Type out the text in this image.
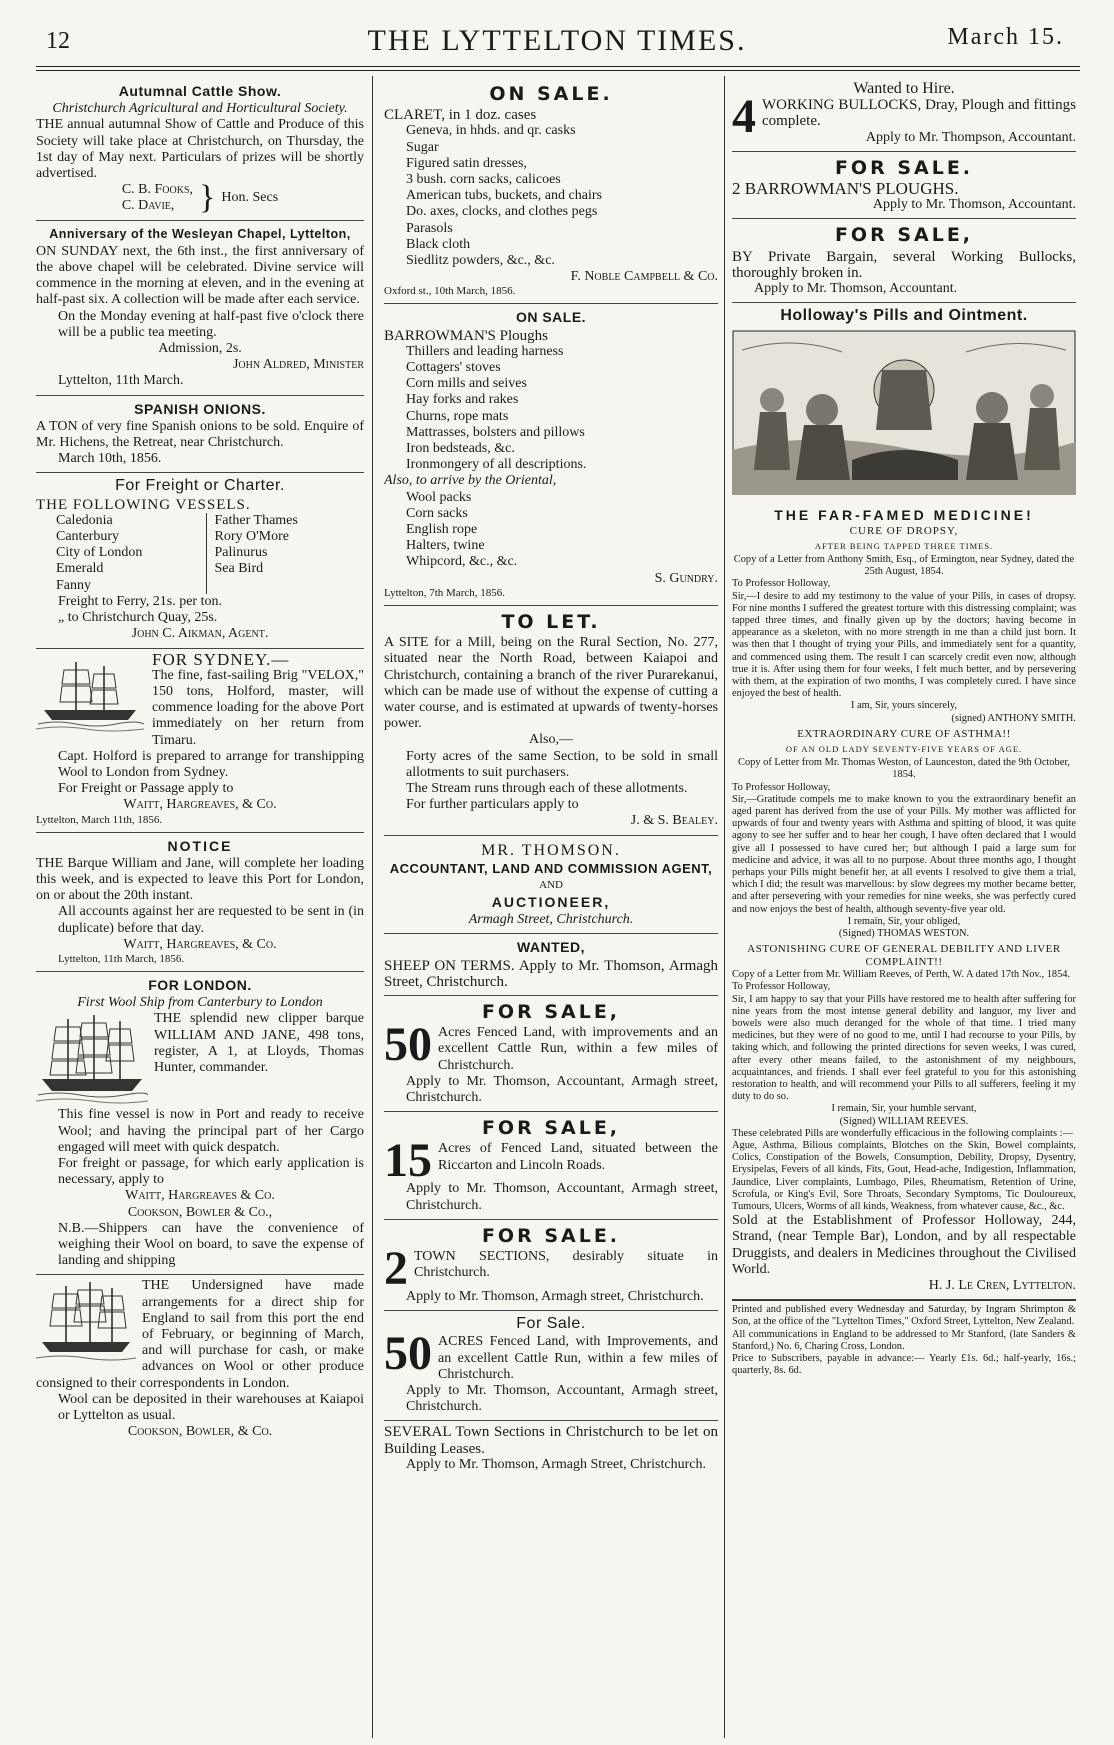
12	THE LYTTELTON TIMES.	March 15.
Autumnal Cattle Show.
Christchurch Agricultural and Horticultural Society.

THE annual autumnal Show of Cattle and Produce of this Society will take place at Christchurch, on Thursday, the 1st day of May next. Particulars of prizes will be shortly advertised.

C. B. Fooks,
C. Davie, } Hon. Secs
Anniversary of the Wesleyan Chapel, Lyttelton,

ON SUNDAY next, the 6th inst., the first anniversary of the above chapel will be celebrated. Divine service will commence in the morning at eleven, and in the evening at half-past six. A collection will be made after each service.

On the Monday evening at half-past five o'clock there will be a public tea meeting.

Admission, 2s.
John Aldred, Minister
Lyttelton, 11th March.
SPANISH ONIONS.

A TON of very fine Spanish onions to be sold. Enquire of Mr. Hichens, the Retreat, near Christchurch.

March 10th, 1856.
For Freight or Charter.
THE FOLLOWING VESSELS.
Caledonia
Canterbury
City of London
Emerald
Fanny
Father Thames
Rory O'More
Palinurus
Sea Bird
Freight to Ferry, 21s. per ton.
„ to Christchurch Quay, 25s.
John C. Aikman, Agent.
FOR SYDNEY.—

The fine, fast-sailing Brig "VELOX," 150 tons, Holford, master, will commence loading for the above Port immediately on her return from Timaru.

Capt. Holford is prepared to arrange for transhipping Wool to London from Sydney.

For Freight or Passage apply to

Waitt, Hargreaves, & Co.
Lyttelton, March 11th, 1856.
NOTICE

THE Barque William and Jane, will complete her loading this week, and is expected to leave this Port for London, on or about the 20th instant.

All accounts against her are requested to be sent in (in duplicate) before that day.

Waitt, Hargreaves, & Co.
Lyttelton, 11th March, 1856.
FOR LONDON.
First Wool Ship from Canterbury to London

THE splendid new clipper barque WILLIAM AND JANE, 498 tons, register, A 1, at Lloyds, Thomas Hunter, commander.

This fine vessel is now in Port and ready to receive Wool; and having the principal part of her Cargo engaged will meet with quick despatch.

For freight or passage, for which early application is necessary, apply to

Waitt, Hargreaves & Co.
Cookson, Bowler & Co.,

N.B.—Shippers can have the convenience of weighing their Wool on board, to save the expense of landing and shipping

THE Undersigned have made arrangements for a direct ship for England to sail from this port the end of February, or beginning of March, and will purchase for cash, or make advances on Wool or other produce consigned to their correspondents in London.

Wool can be deposited in their warehouses at Kaiapoi or Lyttelton as usual.

Cookson, Bowler, & Co.
ON SALE.
CLARET, in 1 doz. cases
Geneva, in hhds. and qr. casks
Sugar
Figured satin dresses,
3 bush. corn sacks, calicoes
American tubs, buckets, and chairs
Do. axes, clocks, and clothes pegs
Parasols
Black cloth
Siedlitz powders, &c., &c.
F. Noble Campbell & Co.
Oxford st., 10th March, 1856.
ON SALE.
BARROWMAN'S Ploughs
Thillers and leading harness
Cottagers' stoves
Corn mills and seives
Hay forks and rakes
Churns, rope mats
Mattrasses, bolsters and pillows
Iron bedsteads, &c.
Ironmongery of all descriptions.
Also, to arrive by the Oriental,
Wool packs
Corn sacks
English rope
Halters, twine
Whipcord, &c., &c.
S. Gundry.
Lyttelton, 7th March, 1856.
TO LET.

A SITE for a Mill, being on the Rural Section, No. 277, situated near the North Road, between Kaiapoi and Christchurch, containing a branch of the river Purarekanui, which can be made use of without the expense of cutting a water course, and is estimated at upwards of twenty-horses power.

Also,—

Forty acres of the same Section, to be sold in small allotments to suit purchasers.

The Stream runs through each of these allotments.

For further particulars apply to

J. & S. Bealey.
MR. THOMSON.
ACCOUNTANT, LAND AND COMMISSION AGENT,
AND
AUCTIONEER,
Armagh Street, Christchurch.
WANTED,

SHEEP ON TERMS. Apply to Mr. Thomson, Armagh Street, Christchurch.

FOR SALE,
50 Acres Fenced Land, with improvements and an excellent Cattle Run, within a few miles of Christchurch.

Apply to Mr. Thomson, Accountant, Armagh street, Christchurch.

FOR SALE,
15 Acres of Fenced Land, situated between the Riccarton and Lincoln Roads.

Apply to Mr. Thomson, Accountant, Armagh street, Christchurch.

FOR SALE.
2 TOWN SECTIONS, desirably situate in Christchurch.

Apply to Mr. Thomson, Armagh street, Christchurch.

For Sale.
50 ACRES Fenced Land, with Improvements, and an excellent Cattle Run, within a few miles of Christchurch.

Apply to Mr. Thomson, Accountant, Armagh street, Christchurch.

SEVERAL Town Sections in Christchurch to be let on Building Leases.

Apply to Mr. Thomson, Armagh Street, Christchurch.

Wanted to Hire.
4 WORKING BULLOCKS, Dray, Plough and fittings complete.

Apply to Mr. Thompson, Accountant.
FOR SALE.
2 BARROWMAN'S PLOUGHS.
Apply to Mr. Thomson, Accountant.
FOR SALE,

BY Private Bargain, several Working Bullocks, thoroughly broken in.

Apply to Mr. Thomson, Accountant.
Holloway's Pills and Ointment.
THE FAR-FAMED MEDICINE!
CURE OF DROPSY,
AFTER BEING TAPPED THREE TIMES.
Copy of a Letter from Anthony Smith, Esq., of Ermington, near Sydney, dated the 25th August, 1854.
To Professor Holloway,

Sir,—I desire to add my testimony to the value of your Pills, in cases of dropsy. For nine months I suffered the greatest torture with this distressing complaint; was tapped three times, and finally given up by the doctors; having become in appearance as a skeleton, with no more strength in me than a child just born. It was then that I thought of trying your Pills, and immediately sent for a quantity, and commenced using them. The result I can scarcely credit even now, although true it is. After using them for four weeks, I felt much better, and by persevering with them, at the expiration of two months, I was completely cured. I have since enjoyed the best of health.

I am, Sir, yours sincerely,
(signed) ANTHONY SMITH.
EXTRAORDINARY CURE OF ASTHMA!!
OF AN OLD LADY SEVENTY-FIVE YEARS OF AGE.
Copy of Letter from Mr. Thomas Weston, of Launceston, dated the 9th October, 1854.
To Professor Holloway,

Sir,—Gratitude compels me to make known to you the extraordinary benefit an aged parent has derived from the use of your Pills. My mother was afflicted for upwards of four and twenty years with Asthma and spitting of blood, it was quite agony to see her suffer and to hear her cough, I have often declared that I would give all I possessed to have cured her; but although I paid a large sum for medicine and advice, it was all to no purpose. About three months ago, I thought perhaps your Pills might benefit her, at all events I resolved to give them a trial, which I did; the result was marvellous: by slow degrees my mother became better, and after persevering with your remedies for nine weeks, she was perfectly cured and now enjoys the best of health, although seventy-five year old.

I remain, Sir, your obliged,
(Signed) THOMAS WESTON.
ASTONISHING CURE OF GENERAL DEBILITY AND LIVER COMPLAINT!!
Copy of a Letter from Mr. William Reeves, of Perth, W. A dated 17th Nov., 1854.
To Professor Holloway,

Sir, I am happy to say that your Pills have restored me to health after suffering for nine years from the most intense general debility and languor, my liver and bowels were also much deranged for the whole of that time. I tried many medicines, but they were of no good to me, until I had recourse to your Pills, by taking which, and following the printed directions for seven weeks, I was cured, after every other means failed, to the astonishment of my neighbours, acquaintances, and friends. I shall ever feel grateful to you for this astonishing restoration to health, and will recommend your Pills to all sufferers, feeling it my duty to do so.

I remain, Sir, your humble servant,
(Signed) WILLIAM REEVES.

These celebrated Pills are wonderfully efficacious in the following complaints :—

Ague, Asthma, Bilious complaints, Blotches on the Skin, Bowel complaints, Colics, Constipation of the Bowels, Consumption, Debility, Dropsy, Dysentry, Erysipelas, Fevers of all kinds, Fits, Gout, Head-ache, Indigestion, Inflammation, Jaundice, Liver complaints, Lumbago, Piles, Rheumatism, Retention of Urine, Scrofula, or King's Evil, Sore Throats, Secondary Symptoms, Tic Douloureux, Tumours, Ulcers, Worms of all kinds, Weakness, from whatever cause, &c., &c.

Sold at the Establishment of Professor Holloway, 244, Strand, (near Temple Bar), London, and by all respectable Druggists, and dealers in Medicines throughout the Civilised World.

H. J. Le Cren, Lyttelton.

Printed and published every Wednesday and Saturday, by Ingram Shrimpton & Son, at the office of the "Lyttelton Times," Oxford Street, Lyttelton, New Zealand.

All communications in England to be addressed to Mr Stanford, (late Sanders & Stanford,) No. 6, Charing Cross, London.

Price to Subscribers, payable in advance:— Yearly £1s. 6d.; half-yearly, 16s.; quarterly, 8s. 6d.
